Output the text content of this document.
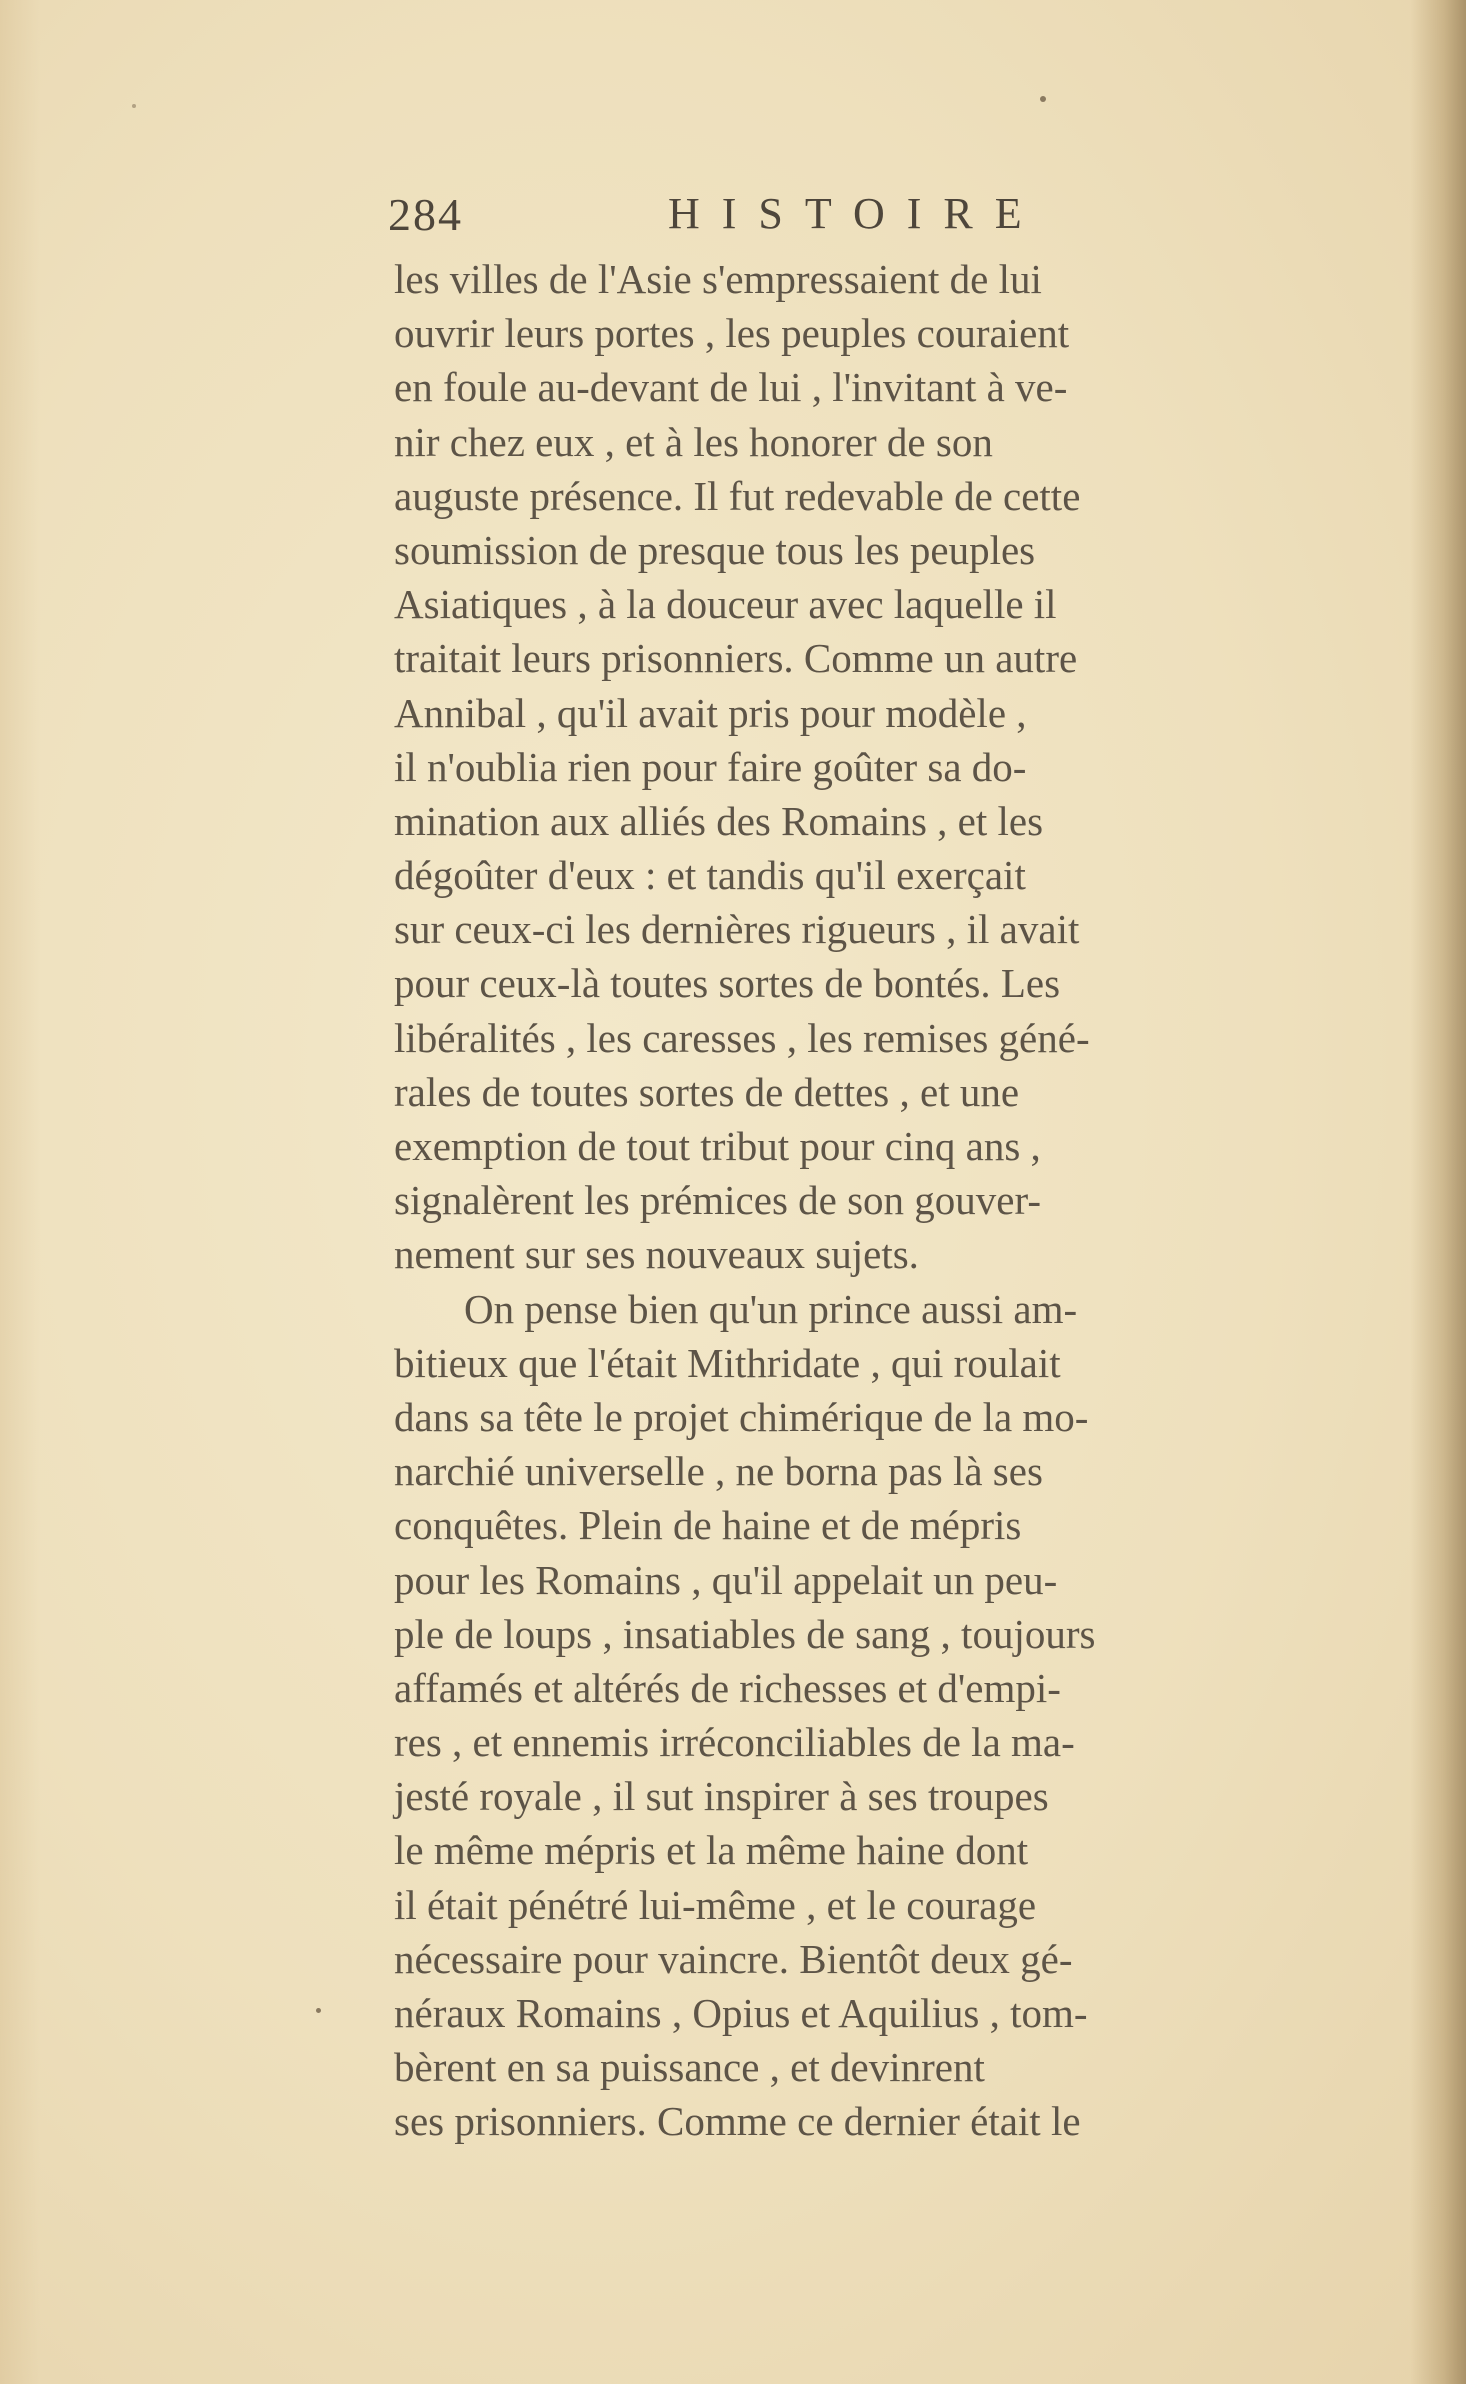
284	HISTOIRE
les villes de l'Asie s'empressaient de lui
ouvrir leurs portes , les peuples couraient
en foule au-devant de lui , l'invitant à ve-
nir chez eux , et à les honorer de son
auguste présence. Il fut redevable de cette
soumission de presque tous les peuples
Asiatiques , à la douceur avec laquelle il
traitait leurs prisonniers. Comme un autre
Annibal , qu'il avait pris pour modèle ,
il n'oublia rien pour faire goûter sa do-
mination aux alliés des Romains , et les
dégoûter d'eux : et tandis qu'il exerçait
sur ceux-ci les dernières rigueurs , il avait
pour ceux-là toutes sortes de bontés. Les
libéralités , les caresses , les remises géné-
rales de toutes sortes de dettes , et une
exemption de tout tribut pour cinq ans ,
signalèrent les prémices de son gouver-
nement sur ses nouveaux sujets.
On pense bien qu'un prince aussi am-
bitieux que l'était Mithridate , qui roulait
dans sa tête le projet chimérique de la mo-
narchié universelle , ne borna pas là ses
conquêtes. Plein de haine et de mépris
pour les Romains , qu'il appelait un peu-
ple de loups , insatiables de sang , toujours
affamés et altérés de richesses et d'empi-
res , et ennemis irréconciliables de la ma-
jesté royale , il sut inspirer à ses troupes
le même mépris et la même haine dont
il était pénétré lui-même , et le courage
nécessaire pour vaincre. Bientôt deux gé-
néraux Romains , Opius et Aquilius , tom-
bèrent en sa puissance , et devinrent
ses prisonniers. Comme ce dernier était le
